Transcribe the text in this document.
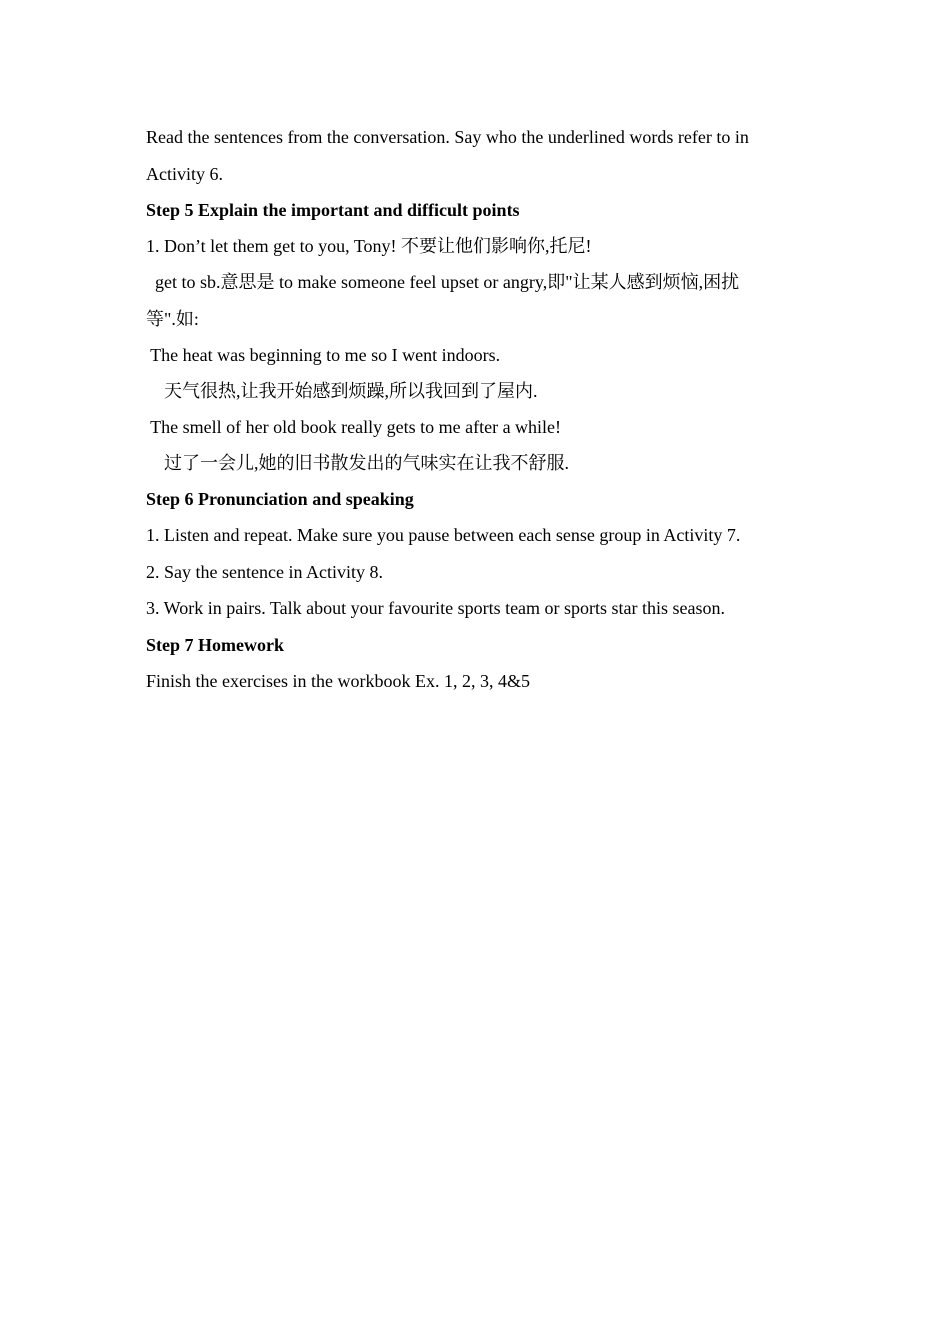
Read the sentences from the conversation. Say who the underlined words refer to in
Activity 6.
Step 5 Explain the important and difficult points
1. Don’t let them get to you, Tony! 不要让他们影响你,托尼!
get to sb.意思是 to make someone feel upset or angry,即"让某人感到烦恼,困扰
等".如:
The heat was beginning to me so I went indoors.
天气很热,让我开始感到烦躁,所以我回到了屋内.
The smell of her old book really gets to me after a while!
过了一会儿,她的旧书散发出的气味实在让我不舒服.
Step 6 Pronunciation and speaking
1. Listen and repeat. Make sure you pause between each sense group in Activity 7.
2. Say the sentence in Activity 8.
3. Work in pairs. Talk about your favourite sports team or sports star this season.
Step 7 Homework
Finish the exercises in the workbook Ex. 1, 2, 3, 4&5
